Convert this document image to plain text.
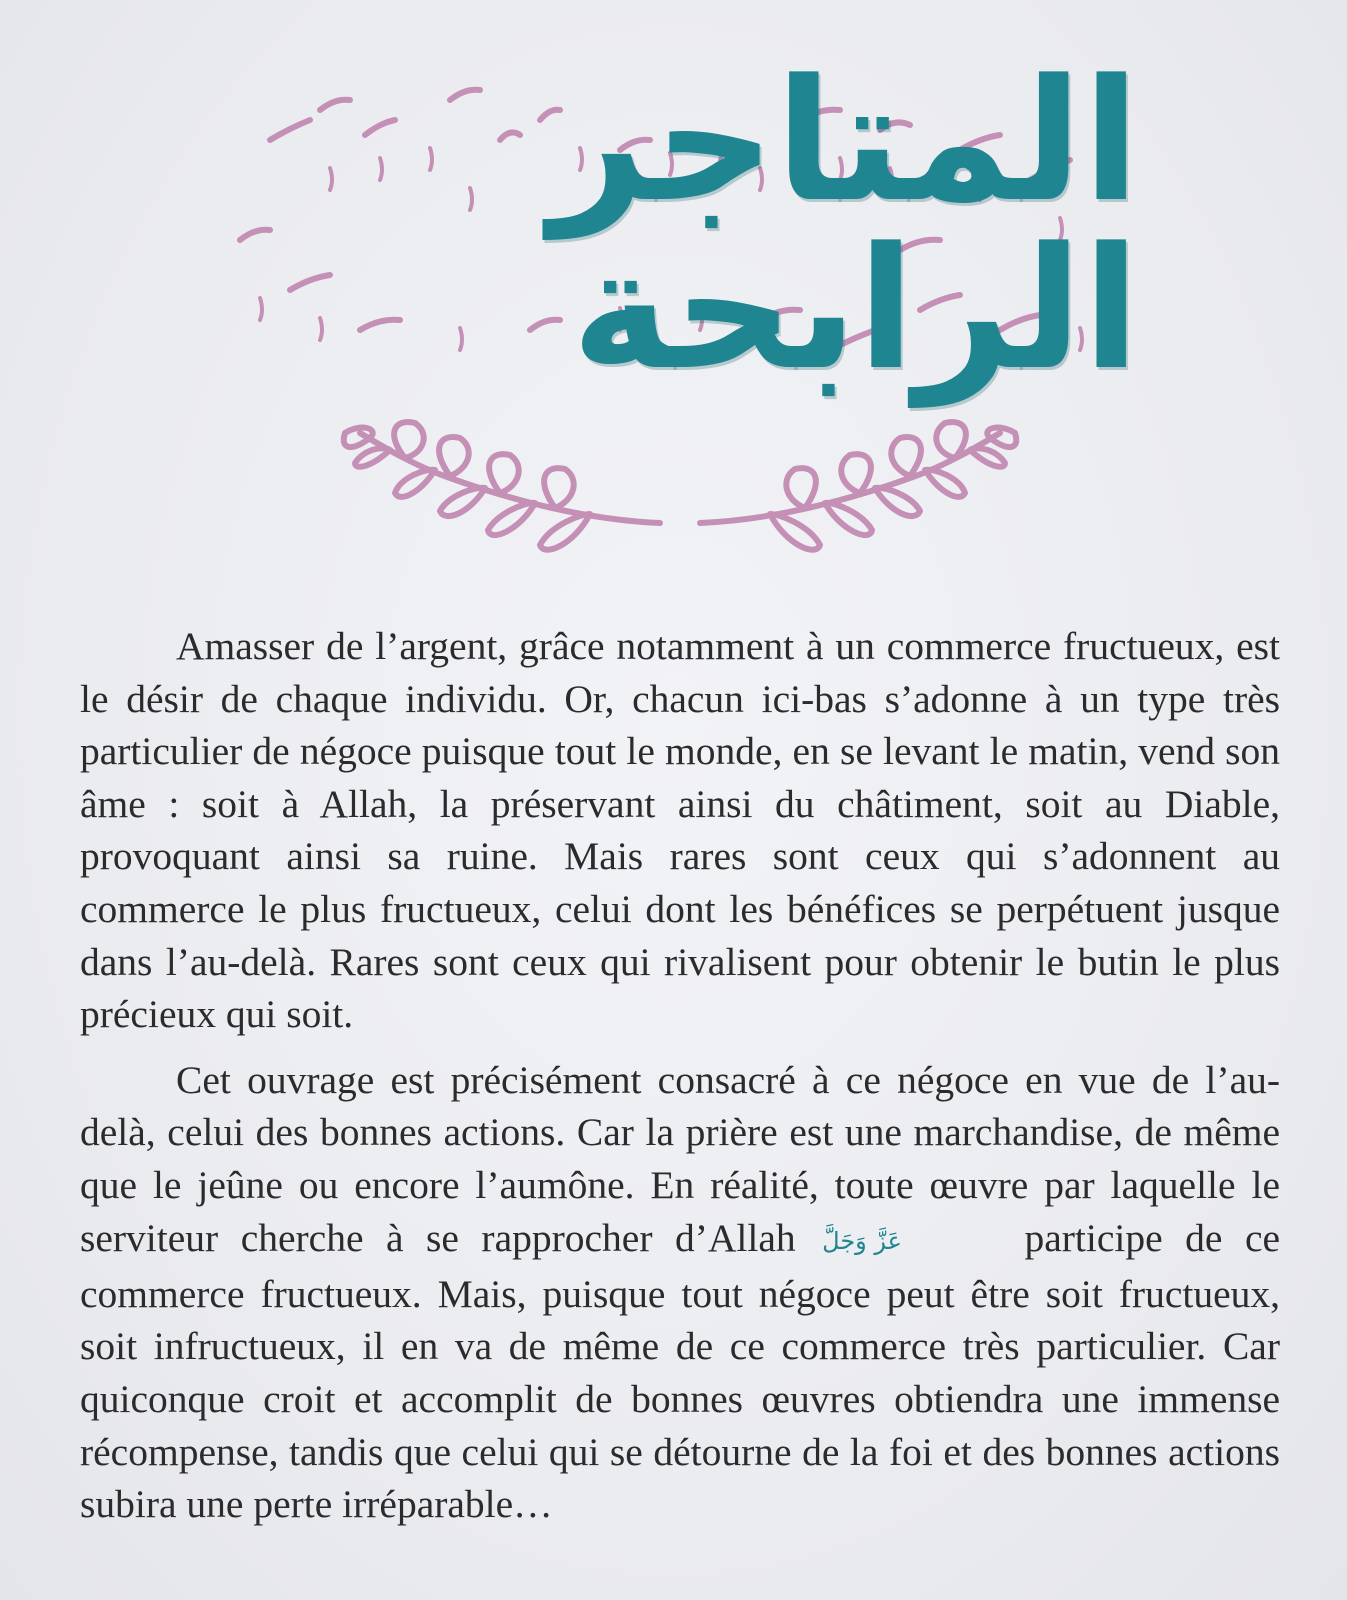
المتاجر الرابحة

Amasser de l’argent, grâce notamment à un commerce fructueux, est le désir de chaque individu. Or, chacun ici-bas s’adonne à un type très particulier de négoce puisque tout le monde, en se levant le matin, vend son âme : soit à Allah, la préservant ainsi du châtiment, soit au Diable, provoquant ainsi sa ruine. Mais rares sont ceux qui s’adonnent au commerce le plus fructueux, celui dont les bénéfices se perpétuent jusque dans l’au-delà. Rares sont ceux qui rivalisent pour obtenir le butin le plus précieux qui soit.

Cet ouvrage est précisément consacré à ce négoce en vue de l’au-delà, celui des bonnes actions. Car la prière est une marchandise, de même que le jeûne ou encore l’aumône. En réalité, toute œuvre par laquelle le serviteur cherche à se rapprocher d’Allah عَزَّ وَجَلَّ	participe de ce commerce fructueux. Mais, puisque tout négoce peut être soit fructueux, soit infructueux, il en va de même de ce commerce très particulier. Car quiconque croit et accomplit de bonnes œuvres obtiendra une immense récompense, tandis que celui qui se détourne de la foi et des bonnes actions subira une perte irréparable…
